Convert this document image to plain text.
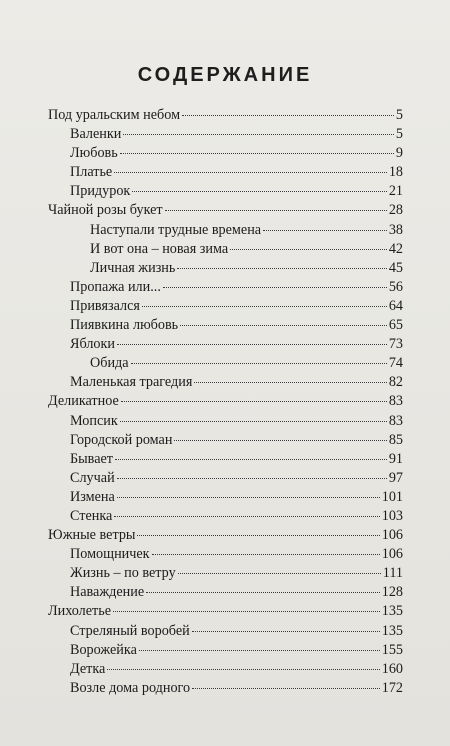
СОДЕРЖАНИЕ
Под уральским небом	5
Валенки	5
Любовь	9
Платье	18
Придурок	21
Чайной розы букет	28
Наступали трудные времена	38
И вот она – новая зима	42
Личная жизнь	45
Пропажа или...	56
Привязался	64
Пиявкина любовь	65
Яблоки	73
Обида	74
Маленькая трагедия	82
Деликатное	83
Мопсик	83
Городской роман	85
Бывает	91
Случай	97
Измена	101
Стенка	103
Южные ветры	106
Помощничек	106
Жизнь – по ветру	111
Наваждение	128
Лихолетье	135
Стреляный воробей	135
Ворожейка	155
Детка	160
Возле дома родного	172
